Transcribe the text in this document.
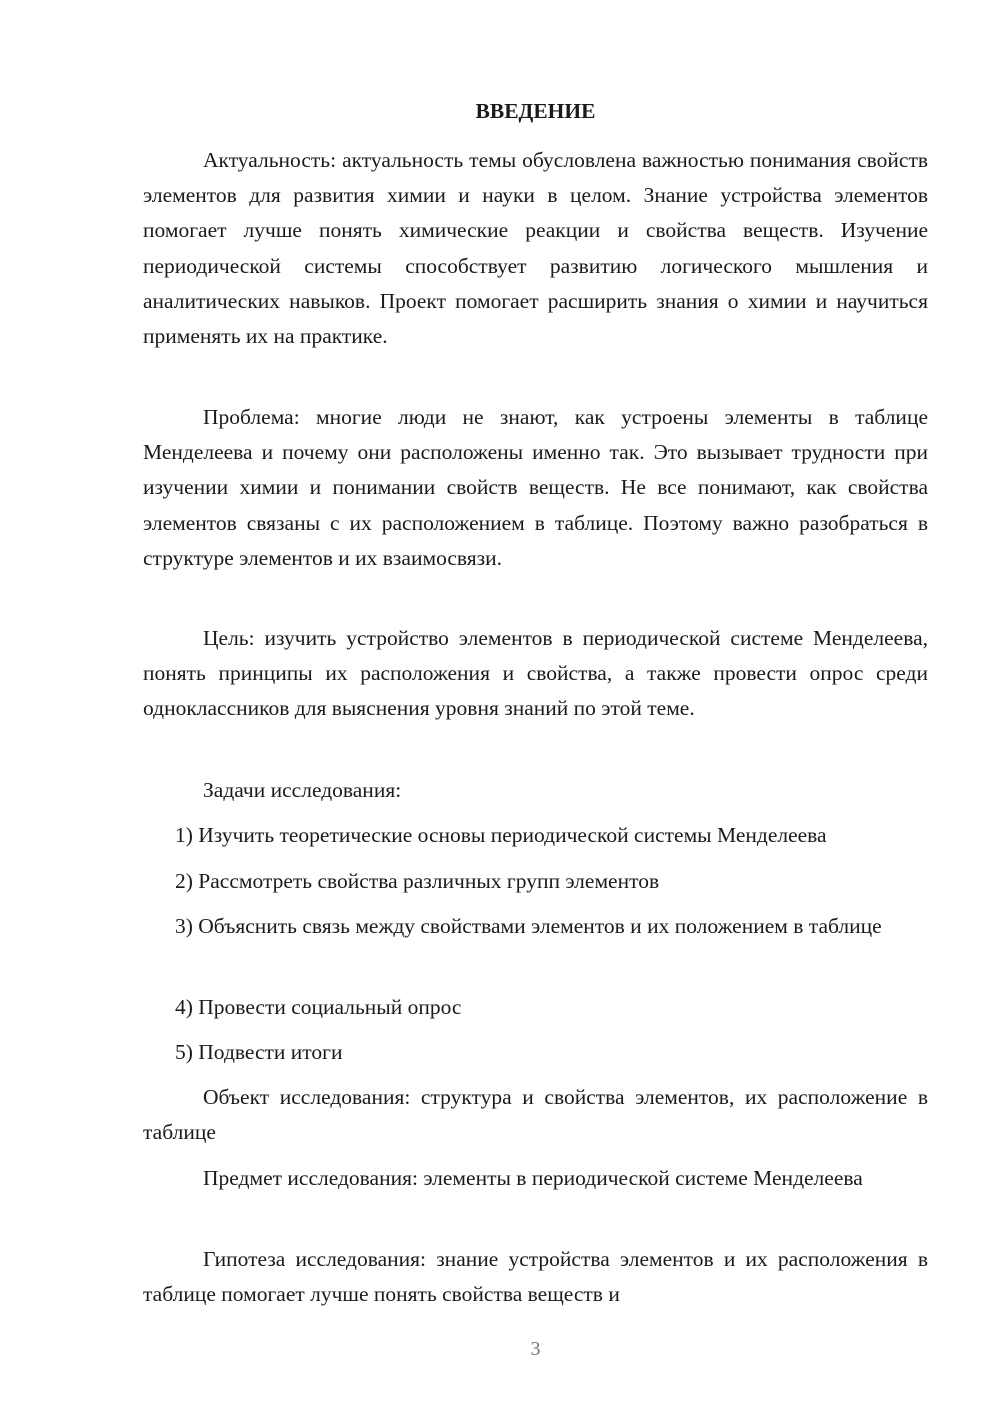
ВВЕДЕНИЕ

Актуальность: актуальность темы обусловлена важностью понимания свойств элементов для развития химии и науки в целом. Знание устройства элементов помогает лучше понять химические реакции и свойства веществ. Изучение периодической системы способствует развитию логического мышления и аналитических навыков. Проект помогает расширить знания о химии и научиться применять их на практике.

Проблема: многие люди не знают, как устроены элементы в таблице Менделеева и почему они расположены именно так. Это вызывает трудности при изучении химии и понимании свойств веществ. Не все понимают, как свойства элементов связаны с их расположением в таблице. Поэтому важно разобраться в структуре элементов и их взаимосвязи.

Цель: изучить устройство элементов в периодической системе Менделеева, понять принципы их расположения и свойства, а также провести опрос среди одноклассников для выяснения уровня знаний по этой теме.

Задачи исследования:

1) Изучить теоретические основы периодической системы Менделеева

2) Рассмотреть свойства различных групп элементов

3) Объяснить связь между свойствами элементов и их положением в таблице

4) Провести социальный опрос

5) Подвести итоги

Объект исследования: структура и свойства элементов, их расположение в таблице

Предмет исследования: элементы в периодической системе Менделеева

Гипотеза исследования: знание устройства элементов и их расположения в таблице помогает лучше понять свойства веществ и

3
